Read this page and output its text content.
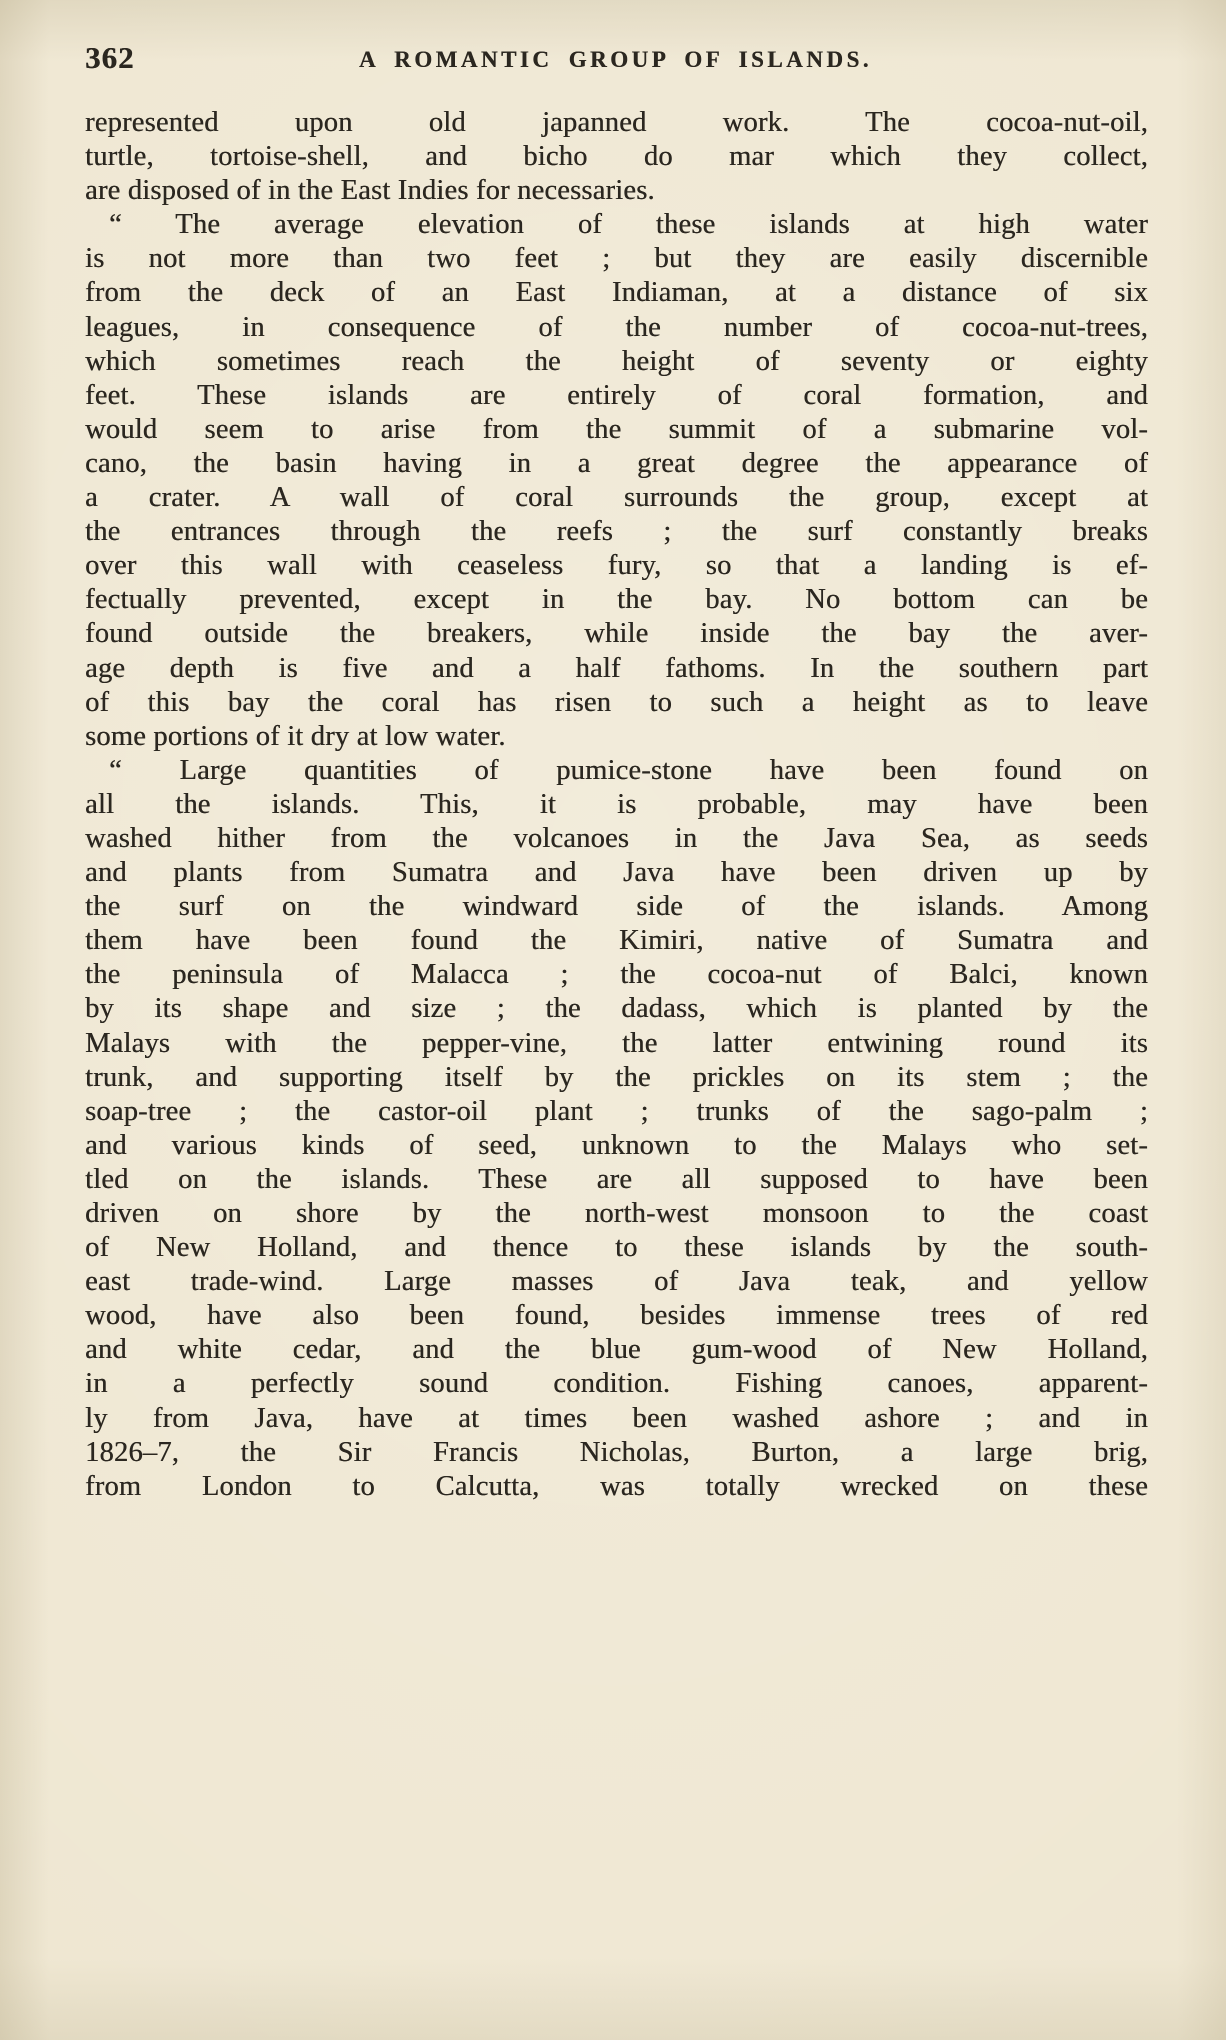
362	A ROMANTIC GROUP OF ISLANDS.
represented upon old japanned work. The cocoa-nut-oil,
turtle, tortoise-shell, and bicho do mar which they collect,
are disposed of in the East Indies for necessaries.
“ The average elevation of these islands at high water
is not more than two feet ; but they are easily discernible
from the deck of an East Indiaman, at a distance of six
leagues, in consequence of the number of cocoa-nut-trees,
which sometimes reach the height of seventy or eighty
feet. These islands are entirely of coral formation, and
would seem to arise from the summit of a submarine vol-
cano, the basin having in a great degree the appearance of
a crater. A wall of coral surrounds the group, except at
the entrances through the reefs ; the surf constantly breaks
over this wall with ceaseless fury, so that a landing is ef-
fectually prevented, except in the bay. No bottom can be
found outside the breakers, while inside the bay the aver-
age depth is five and a half fathoms. In the southern part
of this bay the coral has risen to such a height as to leave
some portions of it dry at low water.
“ Large quantities of pumice-stone have been found on
all the islands. This, it is probable, may have been
washed hither from the volcanoes in the Java Sea, as seeds
and plants from Sumatra and Java have been driven up by
the surf on the windward side of the islands. Among
them have been found the Kimiri, native of Sumatra and
the peninsula of Malacca ; the cocoa-nut of Balci, known
by its shape and size ; the dadass, which is planted by the
Malays with the pepper-vine, the latter entwining round its
trunk, and supporting itself by the prickles on its stem ; the
soap-tree ; the castor-oil plant ; trunks of the sago-palm ;
and various kinds of seed, unknown to the Malays who set-
tled on the islands. These are all supposed to have been
driven on shore by the north-west monsoon to the coast
of New Holland, and thence to these islands by the south-
east trade-wind. Large masses of Java teak, and yellow
wood, have also been found, besides immense trees of red
and white cedar, and the blue gum-wood of New Holland,
in a perfectly sound condition. Fishing canoes, apparent-
ly from Java, have at times been washed ashore ; and in
1826–7, the Sir Francis Nicholas, Burton, a large brig,
from London to Calcutta, was totally wrecked on these
